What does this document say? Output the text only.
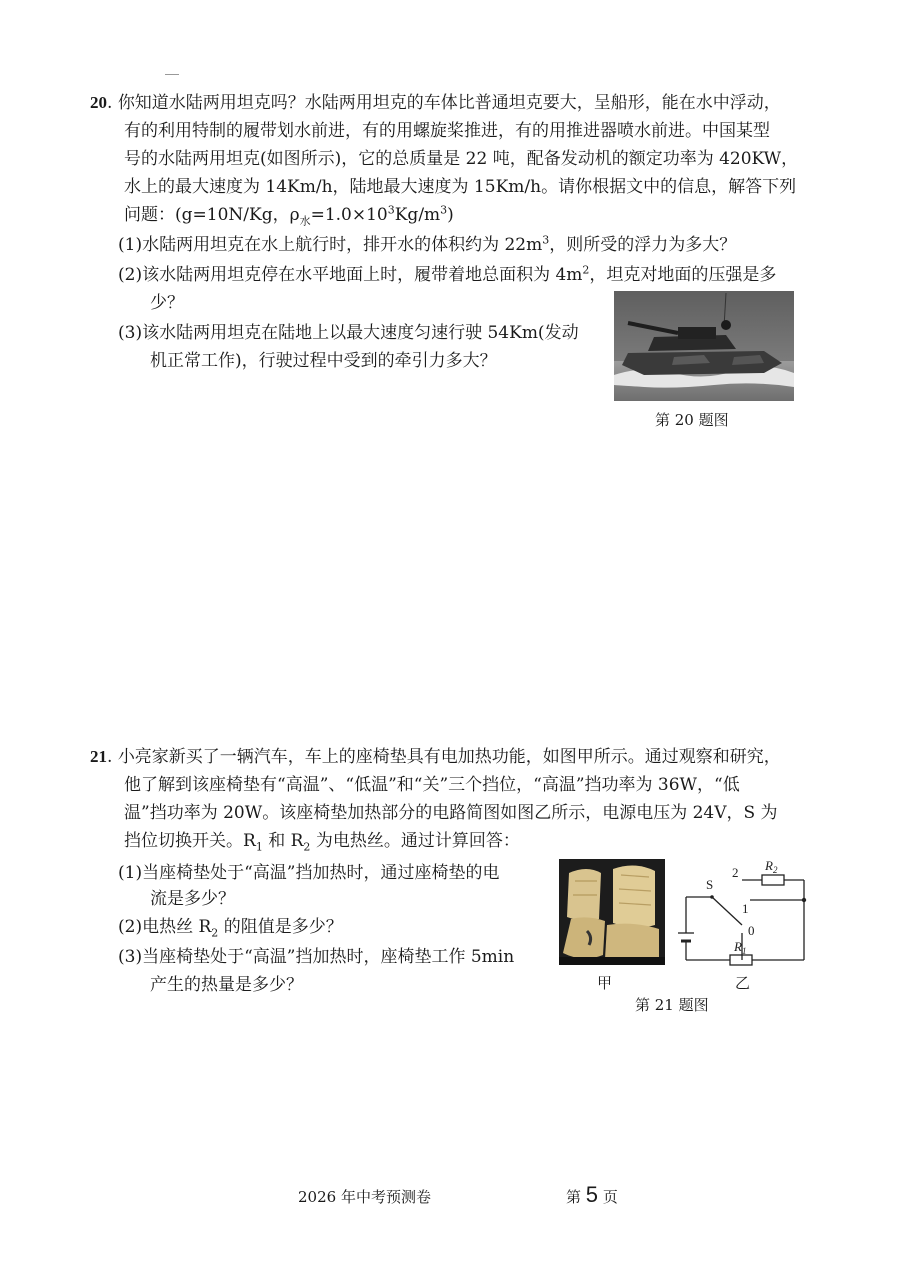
20. 你知道水陆两用坦克吗？水陆两用坦克的车体比普通坦克要大，呈船形，能在水中浮动，
有的利用特制的履带划水前进，有的用螺旋桨推进，有的用推进器喷水前进。中国某型
号的水陆两用坦克(如图所示)，它的总质量是 22 吨，配备发动机的额定功率为 420KW，
水上的最大速度为 14Km/h，陆地最大速度为 15Km/h。请你根据文中的信息，解答下列
问题：(g=10N/Kg，$\rho_水=1.0\times 10^3Kg/m^3$)
(1)水陆两用坦克在水上航行时，排开水的体积约为 $22m^3$，则所受的浮力为多大？
(2)该水陆两用坦克停在水平地面上时，履带着地总面积为 $4m^2$，坦克对地面的压强是多
少？
(3)该水陆两用坦克在陆地上以最大速度匀速行驶 54Km(发动
机正常工作)，行驶过程中受到的牵引力多大？
第 20 题图
21. 小亮家新买了一辆汽车，车上的座椅垫具有电加热功能，如图甲所示。通过观察和研究，
他了解到该座椅垫有“高温”、“低温”和“关”三个挡位，“高温”挡功率为 36W，“低
温”挡功率为 20W。该座椅垫加热部分的电路简图如图乙所示，电源电压为 24V，S 为
挡位切换开关。$R_1$ 和 $R_2$ 为电热丝。通过计算回答：
(1)当座椅垫处于“高温”挡加热时，通过座椅垫的电
流是多少？
(2)电热丝 $R_2$ 的阻值是多少？
(3)当座椅垫处于“高温”挡加热时，座椅垫工作 5min
产生的热量是多少？	甲
S
2
1
0
$R_2$
$R_1$
乙
第 21 题图
2026 年中考预测卷	第 5 页
